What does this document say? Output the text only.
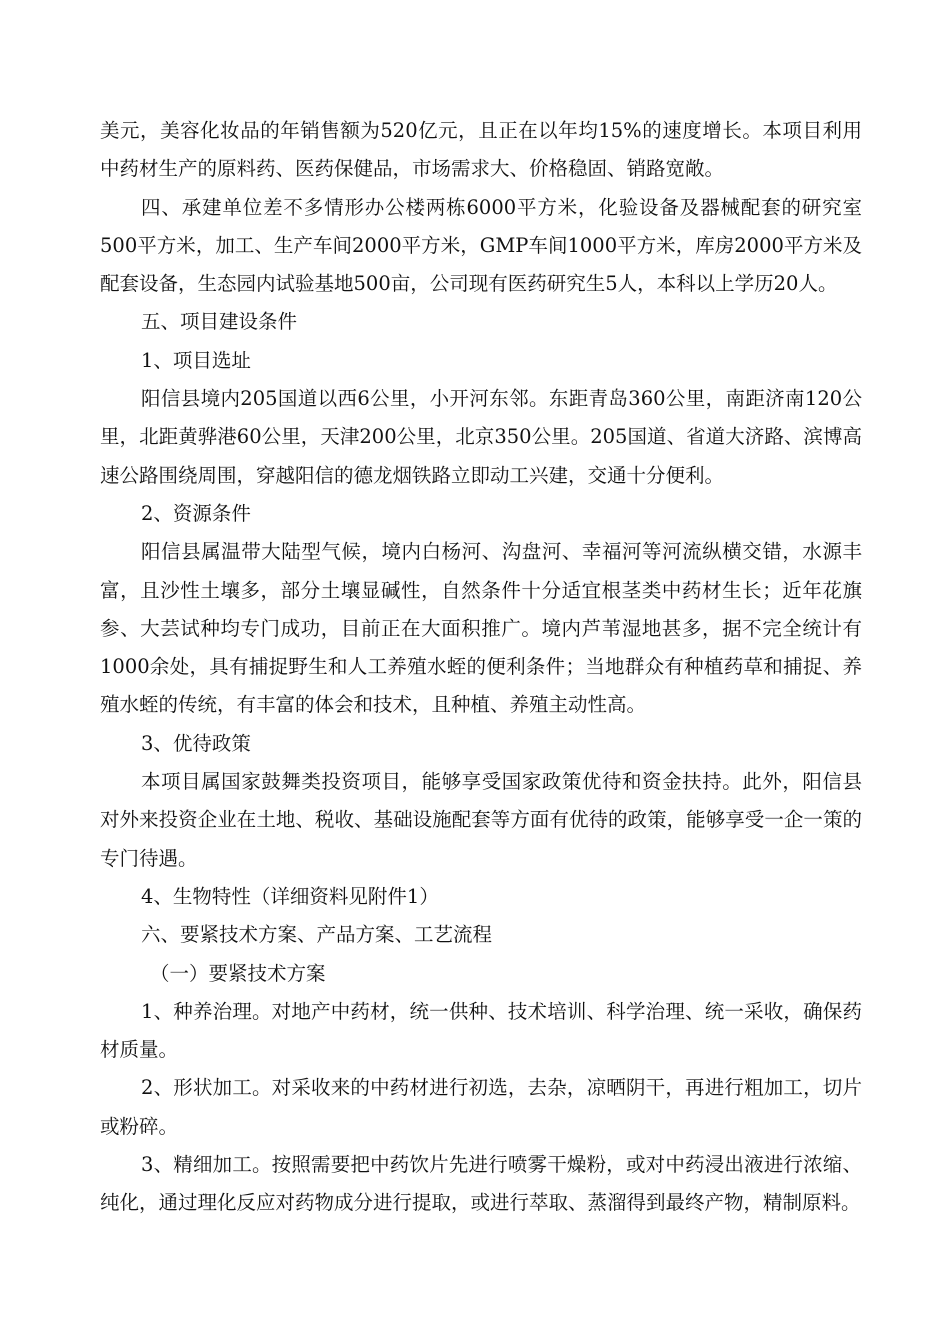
美元，美容化妆品的年销售额为520亿元，且正在以年均15%的速度增长。本项目利用中药材生产的原料药、医药保健品，市场需求大、价格稳固、销路宽敞。

四、承建单位差不多情形办公楼两栋6000平方米，化验设备及器械配套的研究室500平方米，加工、生产车间2000平方米，GMP车间1000平方米，库房2000平方米及配套设备，生态园内试验基地500亩，公司现有医药研究生5人，本科以上学历20人。

五、项目建设条件

1、项目选址

阳信县境内205国道以西6公里，小开河东邻。东距青岛360公里，南距济南120公里，北距黄骅港60公里，天津200公里，北京350公里。205国道、省道大济路、滨博高速公路围绕周围，穿越阳信的德龙烟铁路立即动工兴建，交通十分便利。

2、资源条件

阳信县属温带大陆型气候，境内白杨河、沟盘河、幸福河等河流纵横交错，水源丰富，且沙性土壤多，部分土壤显碱性，自然条件十分适宜根茎类中药材生长；近年花旗参、大芸试种均专门成功，目前正在大面积推广。境内芦苇湿地甚多，据不完全统计有1000余处，具有捕捉野生和人工养殖水蛭的便利条件；当地群众有种植药草和捕捉、养殖水蛭的传统，有丰富的体会和技术，且种植、养殖主动性高。

3、优待政策

本项目属国家鼓舞类投资项目，能够享受国家政策优待和资金扶持。此外，阳信县对外来投资企业在土地、税收、基础设施配套等方面有优待的政策，能够享受一企一策的专门待遇。

4、生物特性（详细资料见附件1）

六、要紧技术方案、产品方案、工艺流程

（一）要紧技术方案

1、种养治理。对地产中药材，统一供种、技术培训、科学治理、统一采收，确保药材质量。

2、形状加工。对采收来的中药材进行初选，去杂，凉晒阴干，再进行粗加工，切片或粉碎。

3、精细加工。按照需要把中药饮片先进行喷雾干燥粉，或对中药浸出液进行浓缩、纯化，通过理化反应对药物成分进行提取，或进行萃取、蒸溜得到最终产物，精制原料。
